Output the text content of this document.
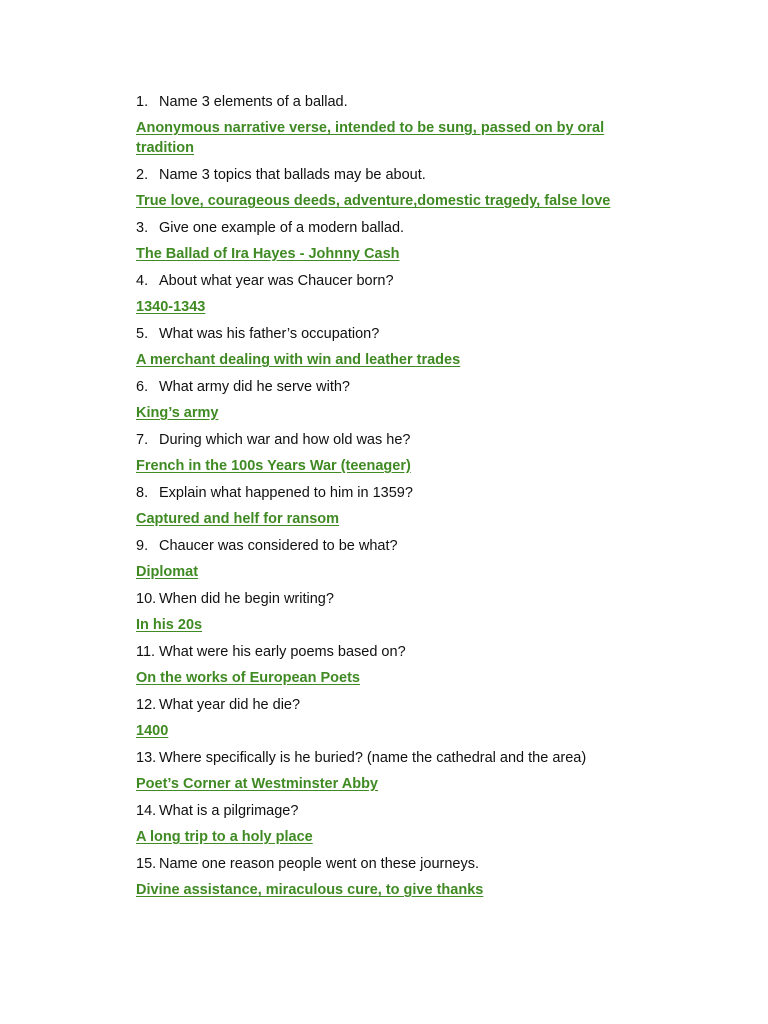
1. Name 3 elements of a ballad.
Anonymous narrative verse, intended to be sung, passed on by oral tradition
2. Name 3 topics that ballads may be about.
True love, courageous deeds, adventure,domestic tragedy, false love
3. Give one example of a modern ballad.
The Ballad of Ira Hayes - Johnny Cash
4. About what year was Chaucer born?
1340-1343
5. What was his father’s occupation?
A merchant dealing with win and leather trades
6. What army did he serve with?
King’s army
7. During which war and how old was he?
French in the 100s Years War (teenager)
8. Explain what happened to him in 1359?
Captured and helf for ransom
9. Chaucer was considered to be what?
Diplomat
10. When did he begin writing?
In his 20s
11. What were his early poems based on?
On the works of European Poets
12. What year did he die?
1400
13. Where specifically is he buried? (name the cathedral and the area)
Poet’s Corner at Westminster Abby
14. What is a pilgrimage?
A long trip to a holy place
15. Name one reason people went on these journeys.
Divine assistance, miraculous cure, to give thanks
